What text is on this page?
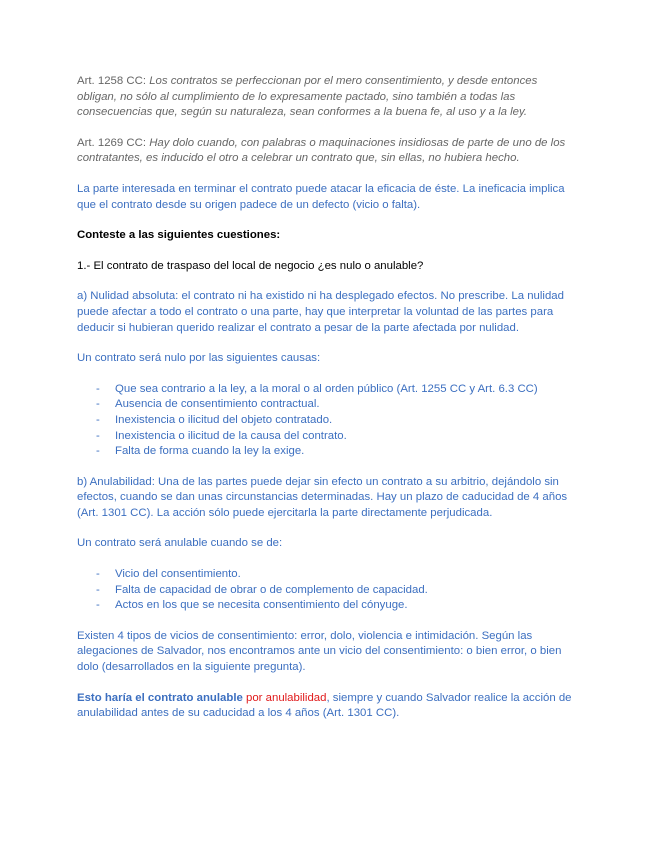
Art. 1258 CC: Los contratos se perfeccionan por el mero consentimiento, y desde entonces obligan, no sólo al cumplimiento de lo expresamente pactado, sino también a todas las consecuencias que, según su naturaleza, sean conformes a la buena fe, al uso y a la ley.

Art. 1269 CC: Hay dolo cuando, con palabras o maquinaciones insidiosas de parte de uno de los contratantes, es inducido el otro a celebrar un contrato que, sin ellas, no hubiera hecho.

La parte interesada en terminar el contrato puede atacar la eficacia de éste. La ineficacia implica que el contrato desde su origen padece de un defecto (vicio o falta).

Conteste a las siguientes cuestiones:

1.- El contrato de traspaso del local de negocio ¿es nulo o anulable?

a) Nulidad absoluta: el contrato ni ha existido ni ha desplegado efectos. No prescribe. La nulidad puede afectar a todo el contrato o una parte, hay que interpretar la voluntad de las partes para deducir si hubieran querido realizar el contrato a pesar de la parte afectada por nulidad.

Un contrato será nulo por las siguientes causas:

- Que sea contrario a la ley, a la moral o al orden público (Art. 1255 CC y Art. 6.3 CC)
- Ausencia de consentimiento contractual.
- Inexistencia o ilicitud del objeto contratado.
- Inexistencia o ilicitud de la causa del contrato.
- Falta de forma cuando la ley la exige.

b) Anulabilidad: Una de las partes puede dejar sin efecto un contrato a su arbitrio, dejándolo sin efectos, cuando se dan unas circunstancias determinadas. Hay un plazo de caducidad de 4 años (Art. 1301 CC). La acción sólo puede ejercitarla la parte directamente perjudicada.

Un contrato será anulable cuando se de:

- Vicio del consentimiento.
- Falta de capacidad de obrar o de complemento de capacidad.
- Actos en los que se necesita consentimiento del cónyuge.

Existen 4 tipos de vicios de consentimiento: error, dolo, violencia e intimidación. Según las alegaciones de Salvador, nos encontramos ante un vicio del consentimiento: o bien error, o bien dolo (desarrollados en la siguiente pregunta).

Esto haría el contrato anulable por anulabilidad, siempre y cuando Salvador realice la acción de anulabilidad antes de su caducidad a los 4 años (Art. 1301 CC).
